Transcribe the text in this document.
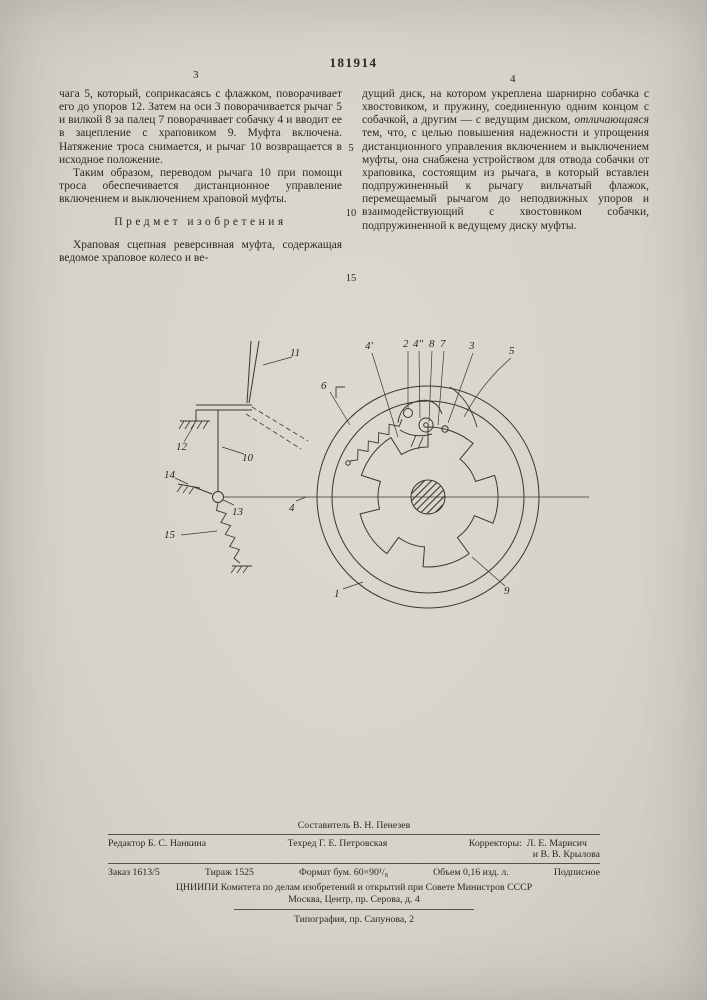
181914
3	4

чага 5, который, соприкасаясь с флажком, поворачивает его до упоров 12. Затем на оси 3 поворачивается рычаг 5 и вилкой 8 за палец 7 поворачивает собачку 4 и вводит ее в зацепление с храповиком 9. Муфта включена. Натяжение троса снимается, и рычаг 10 возвращается в исходное положение.

Таким образом, переводом рычага 10 при помощи троса обеспечивается дистанционное управление включением и выключением храповой муфты.

Предмет изобретения

Храповая сцепная реверсивная муфта, содержащая ведомое храповое колесо и ве-

дущий диск, на котором укреплена шарнирно собачка с хвостовиком, и пружину, соединенную одним концом с собачкой, а другим — с ведущим диском, отличающаяся тем, что, с целью повышения надежности и упрощения дистанционного управления включением и выключением муфты, она снабжена устройством для отвода собачки от храповика, состоящим из рычага, в который вставлен подпружиненный к рычагу вильчатый флажок, перемещаемый рычагом до неподвижных упоров и взаимодействующий с хвостовиком собачки, подпружиненной к ведущему диску муфты.

5
10
15
11
12
10
14
13
15
6
4
4'	2 4" 8 7 3	5
1	9
Составитель В. Н. Пенезев
Редактор Б. С. Нанкина	Техред Г. Е. Петровская	Корректоры: Л. Е. Марисич
и В. В. Крылова
Заказ 1613/5	Тираж 1525	Формат бум. 60×90¹/₈	Объем 0,16 изд. л.	Подписное
ЦНИИПИ Комитета по делам изобретений и открытий при Совете Министров СССР
Москва, Центр, пр. Серова, д. 4
Типография, пр. Сапунова, 2
